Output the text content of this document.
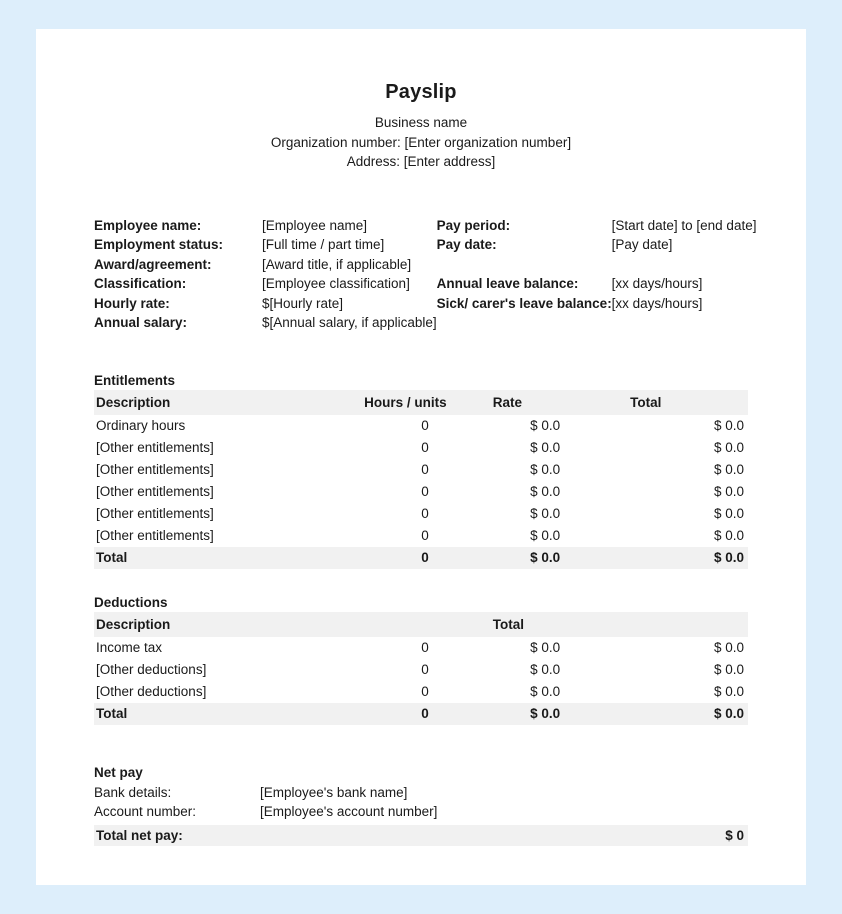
Payslip
Business name
Organization number: [Enter organization number]
Address: [Enter address]
Employee name:	[Employee name]
Employment status:	[Full time / part time]
Award/agreement:	[Award title, if applicable]
Classification:	[Employee classification]
Hourly rate:	$[Hourly rate]
Annual salary:	$[Annual salary, if applicable]
Pay period:	[Start date] to [end date]
Pay date:	[Pay date]
Annual leave balance:	[xx days/hours]
Sick/ carer's leave balance: [xx days/hours]
Entitlements
Description	Hours / units	Rate	Total
Ordinary hours	0	$ 0.0	$ 0.0
[Other entitlements]	0	$ 0.0	$ 0.0
[Other entitlements]	0	$ 0.0	$ 0.0
[Other entitlements]	0	$ 0.0	$ 0.0
[Other entitlements]	0	$ 0.0	$ 0.0
[Other entitlements]	0	$ 0.0	$ 0.0
Total	0	$ 0.0	$ 0.0
Deductions
Description		Total	
Income tax	0	$ 0.0	$ 0.0
[Other deductions]	0	$ 0.0	$ 0.0
[Other deductions]	0	$ 0.0	$ 0.0
Total	0	$ 0.0	$ 0.0
Net pay
Bank details:	[Employee's bank name]
Account number:	[Employee's account number]
Total net pay:	$ 0
